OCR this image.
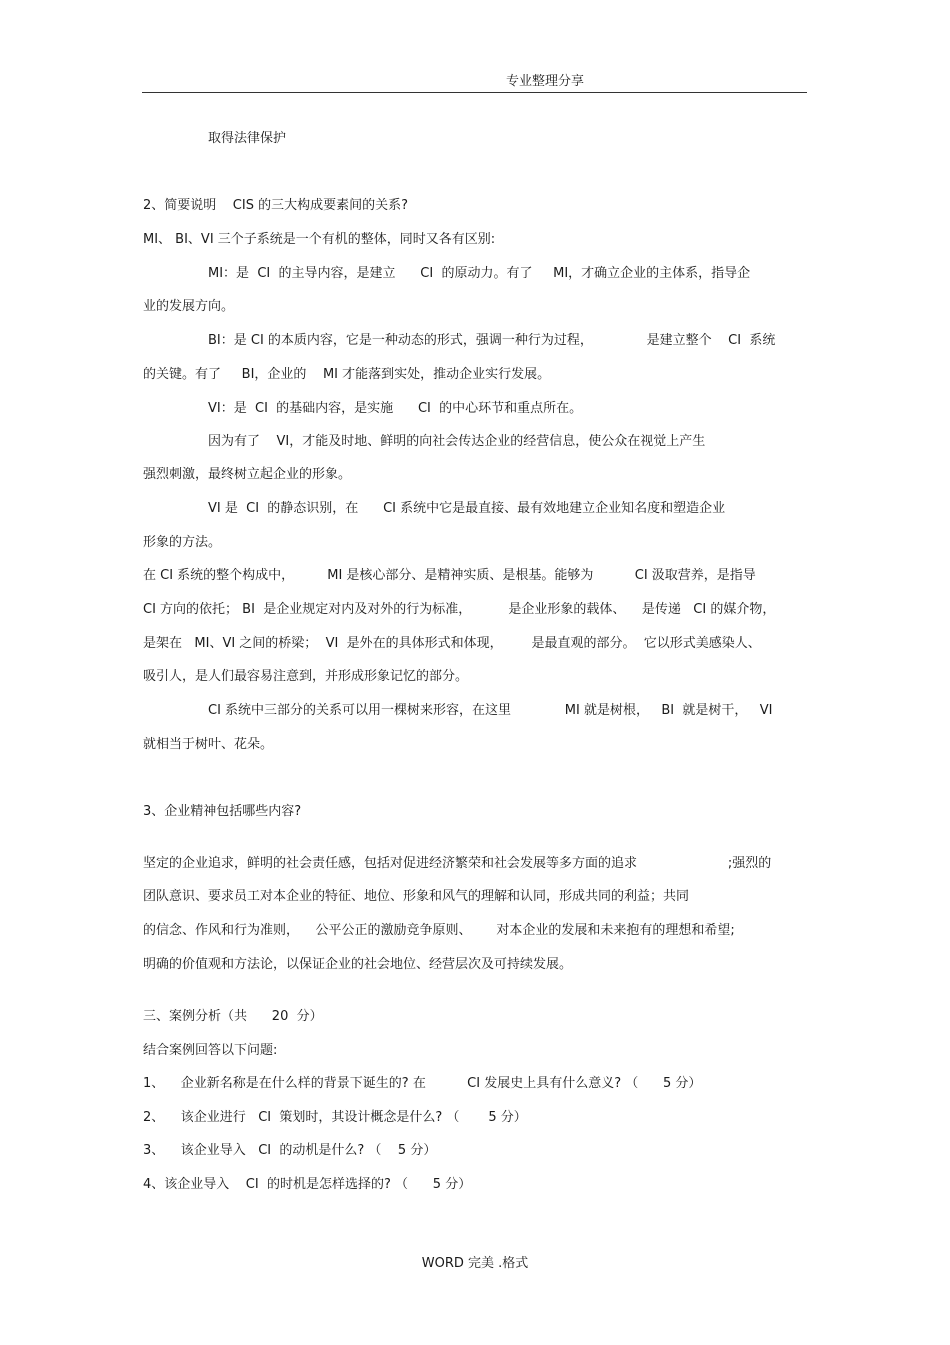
专业整理分享
取得法律保护
2、简要说明    CIS 的三大构成要素间的关系?
MI、 BI、VI 三个子系统是一个有机的整体，同时又各有区别:
MI：是  CI  的主导内容，是建立      CI  的原动力。有了     MI，才确立企业的主体系，指导企
业的发展方向。
BI：是 CI 的本质内容，它是一种动态的形式，强调一种行为过程，             是建立整个    CI  系统
的关键。有了     BI，企业的    MI 才能落到实处，推动企业实行发展。
VI：是  CI  的基础内容，是实施      CI  的中心环节和重点所在。
因为有了    VI，才能及时地、鲜明的向社会传达企业的经营信息，使公众在视觉上产生
强烈刺激，最终树立起企业的形象。
VI 是  CI  的静态识别，在      CI 系统中它是最直接、最有效地建立企业知名度和塑造企业
形象的方法。
在 CI 系统的整个构成中，        MI 是核心部分、是精神实质、是根基。能够为          CI 汲取营养，是指导
CI 方向的依托； BI  是企业规定对内及对外的行为标准，         是企业形象的载体、    是传递   CI 的媒介物，
是架在   MI、VI 之间的桥梁；  VI  是外在的具体形式和体现，       是最直观的部分。  它以形式美感染人、
吸引人，是人们最容易注意到，并形成形象记忆的部分。
CI 系统中三部分的关系可以用一棵树来形容，在这里             MI 就是树根，   BI  就是树干，   VI
就相当于树叶、花朵。
3、企业精神包括哪些内容?
坚定的企业追求，鲜明的社会责任感，包括对促进经济繁荣和社会发展等多方面的追求                      ;强烈的
团队意识、要求员工对本企业的特征、地位、形象和风气的理解和认同，形成共同的利益；共同
的信念、作风和行为准则，    公平公正的激励竞争原则、      对本企业的发展和未来抱有的理想和希望;
明确的价值观和方法论，以保证企业的社会地位、经营层次及可持续发展。
三、案例分析（共      20  分）
结合案例回答以下问题:
1、    企业新名称是在什么样的背景下诞生的? 在          CI 发展史上具有什么意义? （      5 分）
2、    该企业进行   CI  策划时，其设计概念是什么? （       5 分）
3、    该企业导入   CI  的动机是什么? （    5 分）
4、该企业导入    CI  的时机是怎样选择的? （      5 分）
WORD 完美 .格式
